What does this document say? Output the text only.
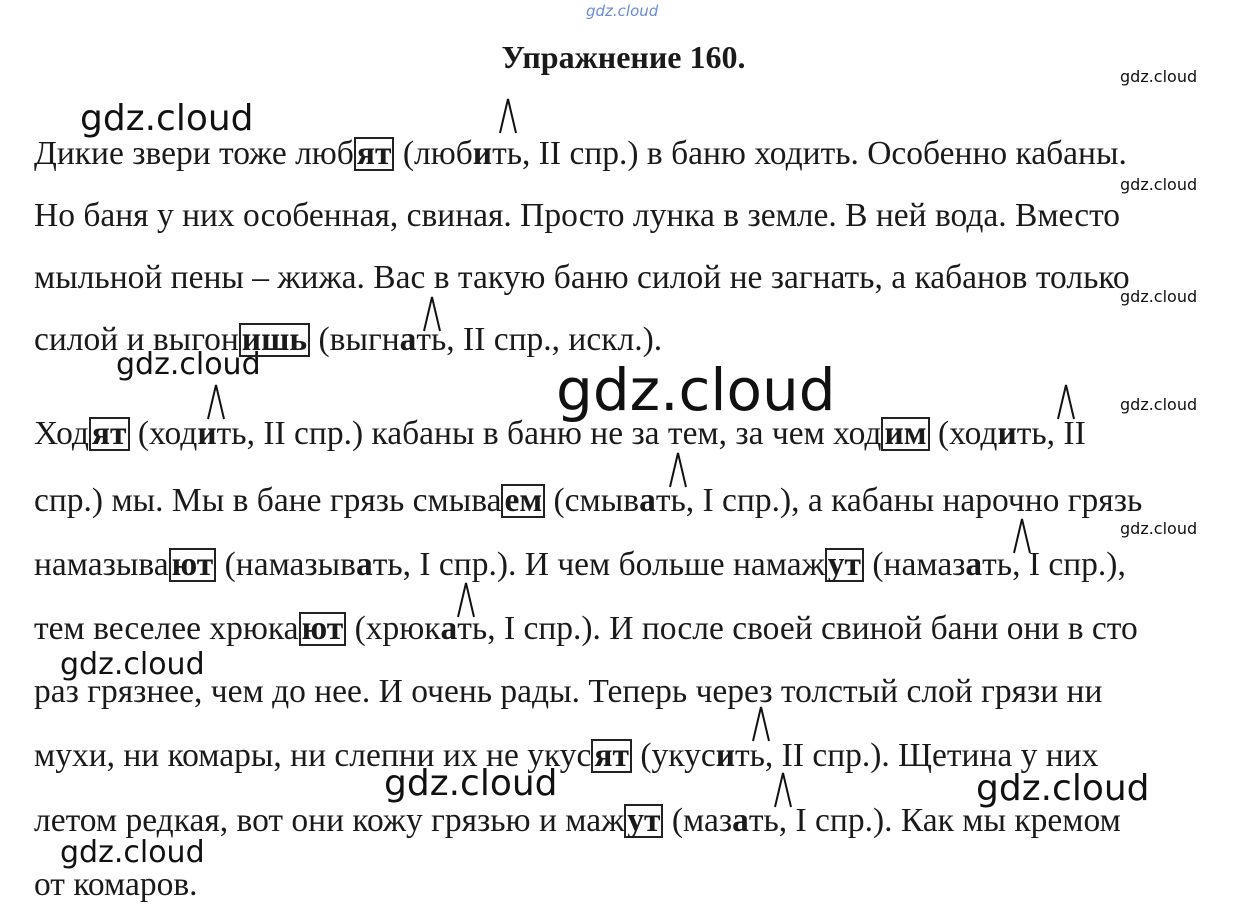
gdz.cloud
gdz.cloud
gdz.cloud
gdz.cloud
gdz.cloud
gdz.cloud	gdz.cloud	gdz.cloud
gdz.cloud
gdz.cloud
gdz.cloud	gdz.cloud
gdz.cloud
Упражнение 160.
Дикие звери тоже любят (любить, II спр.) в баню ходить. Особенно кабаны.
Но баня у них особенная, свиная. Просто лунка в земле. В ней вода. Вместо
мыльной пены – жижа. Вас в такую баню силой не загнать, а кабанов только
силой и выгонишь (выгнать, II спр., искл.).
Ходят (ходить, II спр.) кабаны в баню не за тем, за чем ходим (ходить, II
спр.) мы. Мы в бане грязь смываем (смывать, I спр.), а кабаны нарочно грязь
намазывают (намазывать, I спр.). И чем больше намажут (намазать, I спр.),
тем веселее хрюкают (хрюкать, I спр.). И после своей свиной бани они в сто
раз грязнее, чем до нее. И очень рады. Теперь через толстый слой грязи ни
мухи, ни комары, ни слепни их не укусят (укусить, II спр.). Щетина у них
летом редкая, вот они кожу грязью и мажут (мазать, I спр.). Как мы кремом
от комаров.
